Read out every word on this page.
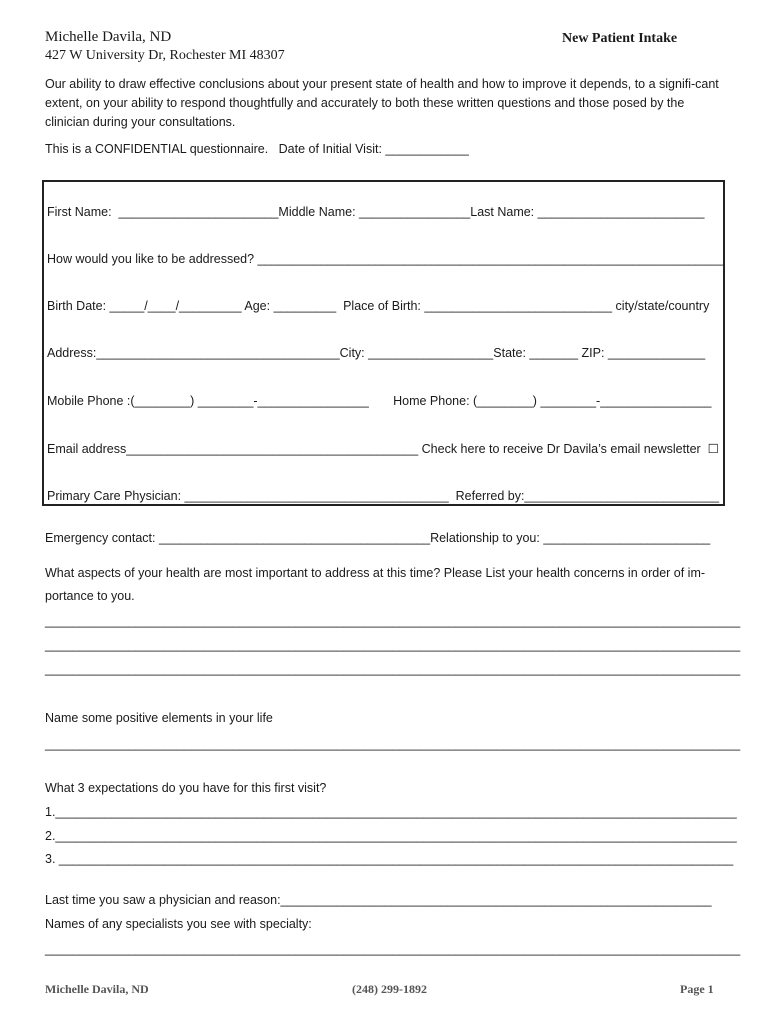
Michelle Davila, ND
427 W University Dr, Rochester MI 48307
New Patient Intake
Our ability to draw effective conclusions about your present state of health and how to improve it depends, to a signifi-cant extent, on your ability to respond thoughtfully and accurately to both these written questions and those posed by the clinician during your consultations.
This is a CONFIDENTIAL questionnaire.   Date of Initial Visit: ____________
First Name:  _______________________Middle Name: ________________Last Name: ________________________
How would you like to be addressed? ___________________________________________________________________
Birth Date: _____/____/_________ Age: _________  Place of Birth: ___________________________ city/state/country
Address:___________________________________City: __________________State: _______ ZIP: ______________
Mobile Phone :(________) ________-________________       Home Phone: (________) ________-________________
Email address__________________________________________ Check here to receive Dr Davila’s email newsletter  ☐
Primary Care Physician: ______________________________________  Referred by:____________________________
Emergency contact: _______________________________________Relationship to you: ________________________
What aspects of your health are most important to address at this time? Please List your health concerns in order of im-
portance to you.
____________________________________________________________________________________________________
____________________________________________________________________________________________________
____________________________________________________________________________________________________
Name some positive elements in your life
____________________________________________________________________________________________________
What 3 expectations do you have for this first visit?
1.__________________________________________________________________________________________________
2.__________________________________________________________________________________________________
3. _________________________________________________________________________________________________
Last time you saw a physician and reason:______________________________________________________________
Names of any specialists you see with specialty:
____________________________________________________________________________________________________
Michelle Davila, ND	(248) 299-1892	Page 1
